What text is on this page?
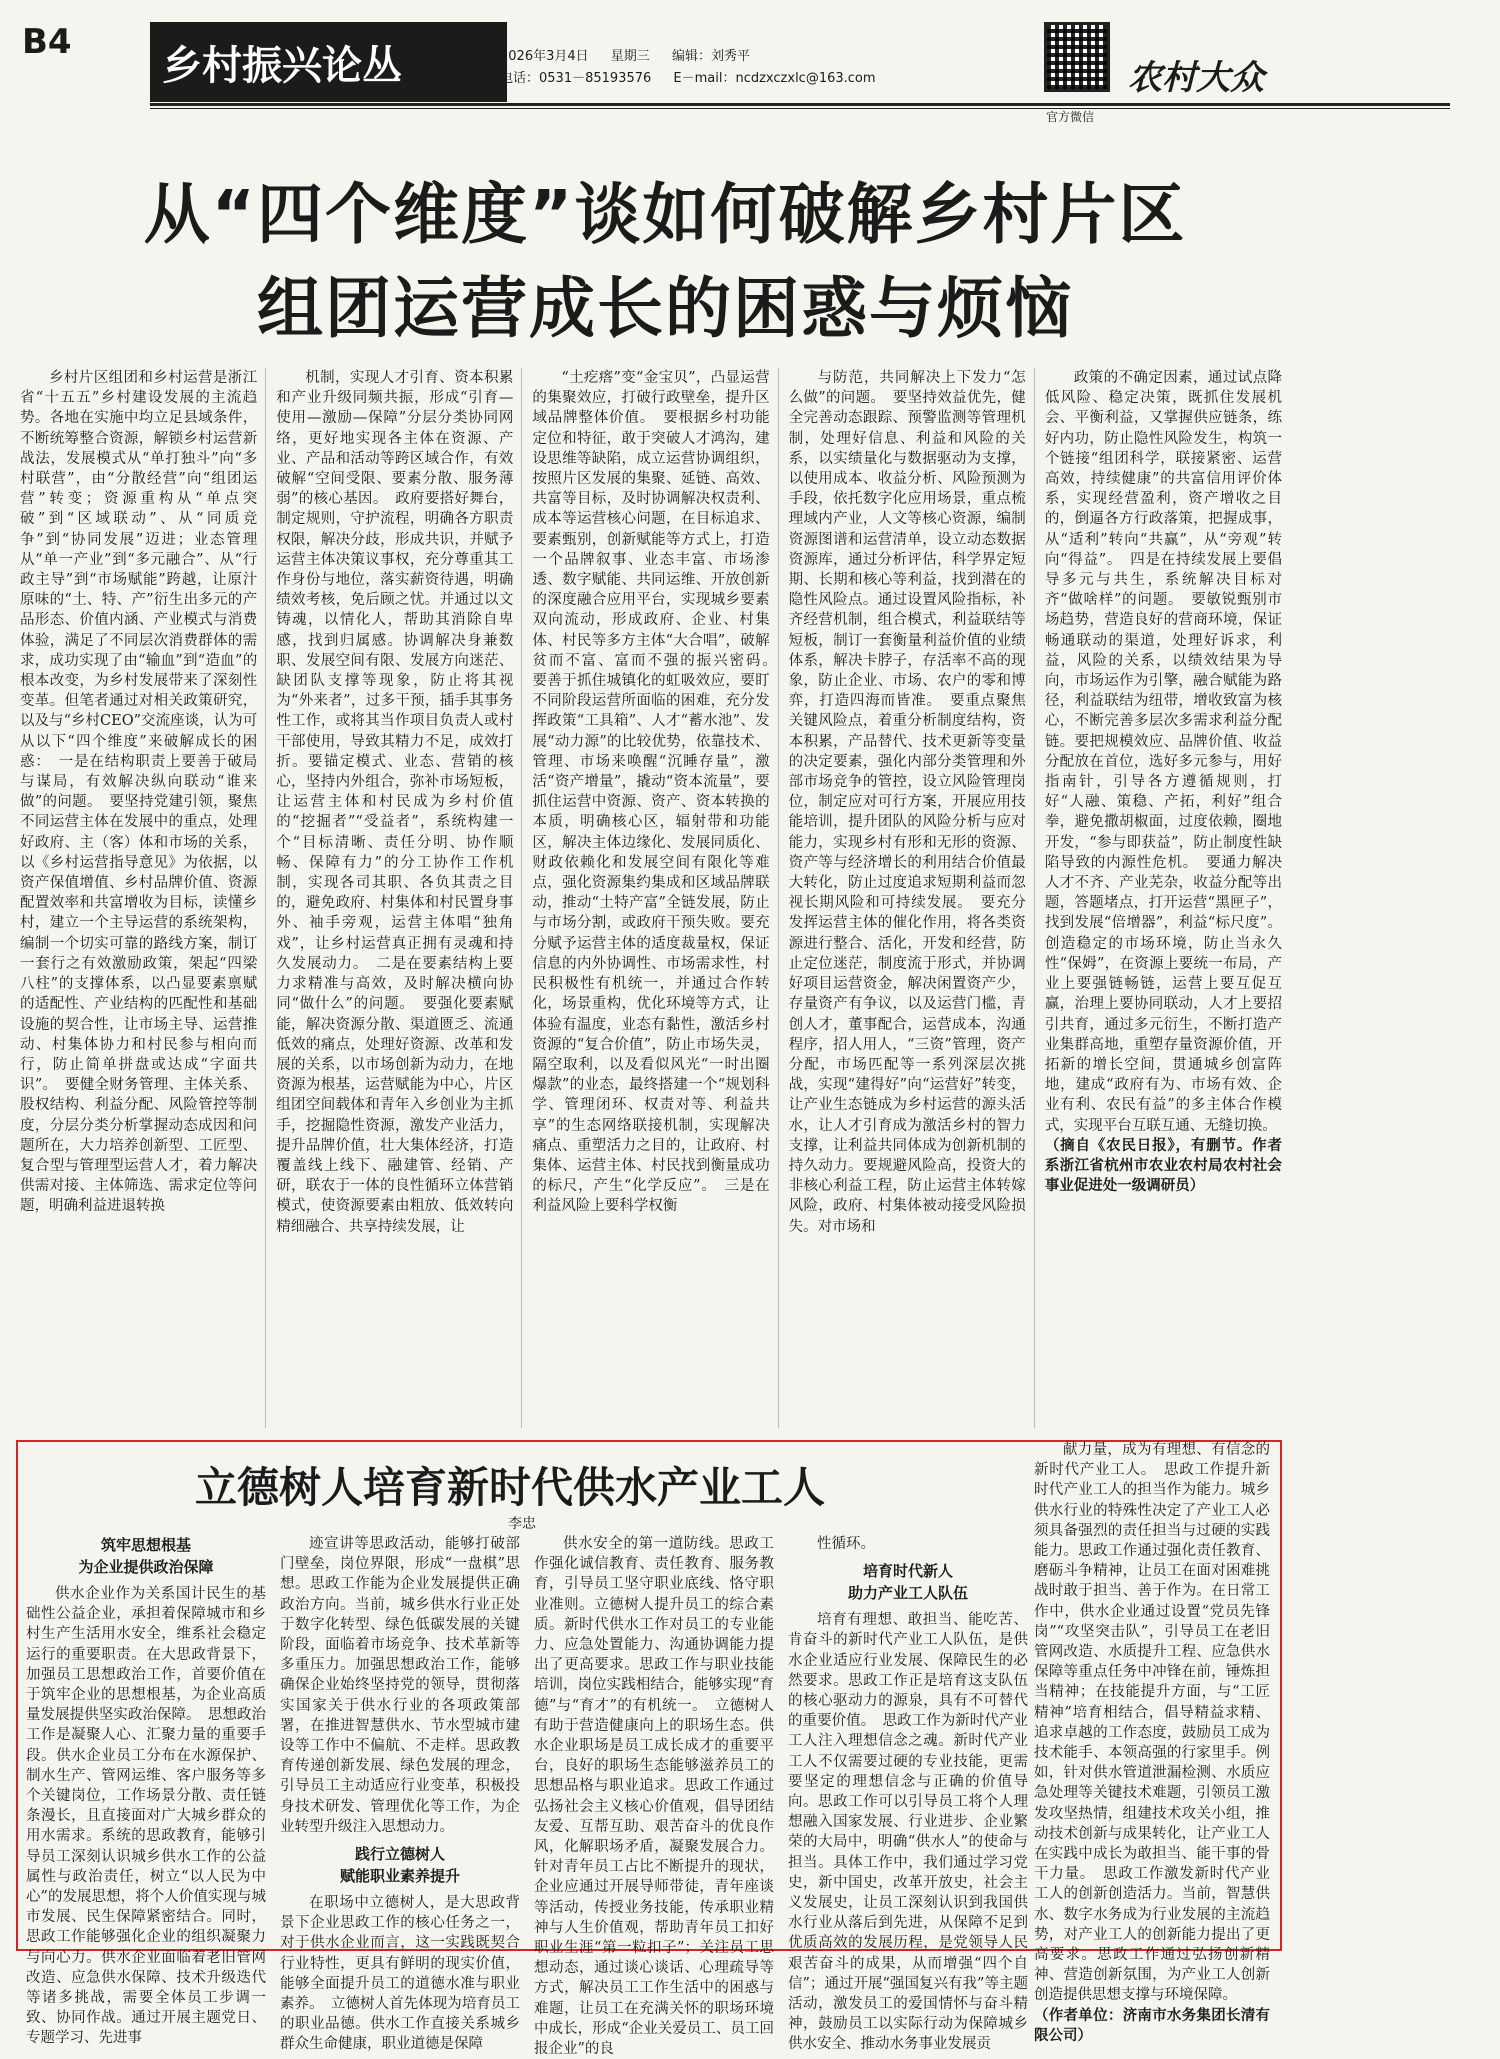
B4
乡村振兴论丛	2026年3月4日 星期三 编辑：刘秀平
电话：0531－85193576 E－mail：ncdzxczxlc@163.com
官方微信
农村大众
从“四个维度”谈如何破解乡村片区
组团运营成长的困惑与烦恼

乡村片区组团和乡村运营是浙江省“十五五”乡村建设发展的主流趋势。各地在实施中均立足县域条件，不断统筹整合资源，解锁乡村运营新战法，发展模式从“单打独斗”向“多村联营”，由“分散经营”向“组团运营”转变；资源重构从“单点突破”到“区域联动”、从“同质竞争”到“协同发展”迈进；业态管理从“单一产业”到“多元融合”、从“行政主导”到“市场赋能”跨越，让原汁原味的“土、特、产”衍生出多元的产品形态、价值内涵、产业模式与消费体验，满足了不同层次消费群体的需求，成功实现了由“输血”到“造血”的根本改变，为乡村发展带来了深刻性变革。但笔者通过对相关政策研究，以及与“乡村CEO”交流座谈，认为可从以下“四个维度”来破解成长的困惑：　一是在结构职责上要善于破局与谋局，有效解决纵向联动“谁来做”的问题。　要坚持党建引领，聚焦不同运营主体在发展中的重点，处理好政府、主（客）体和市场的关系，以《乡村运营指导意见》为依据，以资产保值增值、乡村品牌价值、资源配置效率和共富增收为目标，读懂乡村，建立一个主导运营的系统架构，编制一个切实可靠的路线方案，制订一套行之有效激励政策，架起“四梁八柱”的支撑体系，以凸显要素禀赋的适配性、产业结构的匹配性和基础设施的契合性，让市场主导、运营推动、村集体协力和村民参与相向而行，防止简单拼盘或达成“字面共识”。　要健全财务管理、主体关系、股权结构、利益分配、风险管控等制度，分层分类分析掌握动态成因和问题所在，大力培养创新型、工匠型、复合型与管理型运营人才，着力解决供需对接、主体筛选、需求定位等问题，明确利益进退转换

机制，实现人才引育、资本积累和产业升级同频共振，形成“引育—使用—激励—保障”分层分类协同网络，更好地实现各主体在资源、产业、产品和活动等跨区域合作，有效破解“空间受限、要素分散、服务薄弱”的核心基因。　政府要搭好舞台，制定规则，守护流程，明确各方职责权限，解决分歧，形成共识，并赋予运营主体决策议事权，充分尊重其工作身份与地位，落实薪资待遇，明确绩效考核，免后顾之忧。并通过以文铸魂，以情化人，帮助其消除自卑感，找到归属感。协调解决身兼数职、发展空间有限、发展方向迷茫、缺团队支撑等现象，防止将其视为“外来者”，过多干预，插手其事务性工作，或将其当作项目负责人或村干部使用，导致其精力不足，成效打折。要锚定模式、业态、营销的核心，坚持内外组合，弥补市场短板，让运营主体和村民成为乡村价值的“挖掘者”“受益者”，系统构建一个“目标清晰、责任分明、协作顺畅、保障有力”的分工协作工作机制，实现各司其职、各负其责之目的，避免政府、村集体和村民置身事外、袖手旁观，运营主体唱“独角戏”，让乡村运营真正拥有灵魂和持久发展动力。　二是在要素结构上要力求精准与高效，及时解决横向协同“做什么”的问题。　要强化要素赋能，解决资源分散、渠道匮乏、流通低效的痛点，处理好资源、改革和发展的关系，以市场创新为动力，在地资源为根基，运营赋能为中心，片区组团空间载体和青年入乡创业为主抓手，挖掘隐性资源，激发产业活力，提升品牌价值，壮大集体经济，打造覆盖线上线下、融建管、经销、产研，联农于一体的良性循环立体营销模式，使资源要素由粗放、低效转向精细融合、共享持续发展，让

“土疙瘩”变“金宝贝”，凸显运营的集聚效应，打破行政壁垒，提升区域品牌整体价值。　要根据乡村功能定位和特征，敢于突破人才鸿沟，建设思维等缺陷，成立运营协调组织，按照片区发展的集聚、延链、高效、共富等目标，及时协调解决权责利、成本等运营核心问题，在目标追求、要素甄别，创新赋能等方式上，打造一个品牌叙事、业态丰富、市场渗透、数字赋能、共同运维、开放创新的深度融合应用平台，实现城乡要素双向流动，形成政府、企业、村集体、村民等多方主体“大合唱”，破解贫而不富、富而不强的振兴密码。　要善于抓住城镇化的虹吸效应，要盯不同阶段运营所面临的困难，充分发挥政策“工具箱”、人才“蓄水池”、发展“动力源”的比较优势，依靠技术、管理、市场来唤醒“沉睡存量”，激活“资产增量”，撬动“资本流量”，要抓住运营中资源、资产、资本转换的本质，明确核心区，辐射带和功能区，解决主体边缘化、发展同质化、财政依赖化和发展空间有限化等难点，强化资源集约集成和区域品牌联动，推动“土特产富”全链发展，防止与市场分割，或政府干预失败。要充分赋予运营主体的适度裁量权，保证信息的内外协调性、市场需求性，村民积极性有机统一，并通过合作转化，场景重构，优化环境等方式，让体验有温度，业态有黏性，激活乡村资源的“复合价值”，防止市场失灵，隔空取利，以及看似风光“一时出圈爆款”的业态，最终搭建一个“规划科学、管理闭环、权责对等、利益共享”的生态网络联接机制，实现解决痛点、重塑活力之目的，让政府、村集体、运营主体、村民找到衡量成功的标尺，产生“化学反应”。　三是在利益风险上要科学权衡

与防范，共同解决上下发力“怎么做”的问题。　要坚持效益优先，健全完善动态跟踪、预警监测等管理机制，处理好信息、利益和风险的关系，以实绩量化与数据驱动为支撑，以使用成本、收益分析、风险预测为手段，依托数字化应用场景，重点梳理域内产业，人文等核心资源，编制资源图谱和运营清单，设立动态数据资源库，通过分析评估，科学界定短期、长期和核心等利益，找到潜在的隐性风险点。通过设置风险指标，补齐经营机制，组合模式，利益联结等短板，制订一套衡量利益价值的业绩体系，解决卡脖子，存活率不高的现象，防止企业、市场、农户的零和博弈，打造四海而皆准。　要重点聚焦关键风险点，着重分析制度结构，资本积累，产品替代、技术更新等变量的决定要素，强化内部分类管理和外部市场竞争的管控，设立风险管理岗位，制定应对可行方案，开展应用技能培训，提升团队的风险分析与应对能力，实现乡村有形和无形的资源、资产等与经济增长的利用结合价值最大转化，防止过度追求短期利益而忽视长期风险和可持续发展。　要充分发挥运营主体的催化作用，将各类资源进行整合、活化，开发和经营，防止定位迷茫，制度流于形式，并协调好项目运营资金，解决闲置资产少，存量资产有争议，以及运营门槛，青创人才，董事配合，运营成本，沟通程序，招人用人，“三资”管理，资产分配，市场匹配等一系列深层次挑战，实现“建得好”向“运营好”转变，让产业生态链成为乡村运营的源头活水，让人才引育成为激活乡村的智力支撑，让利益共同体成为创新机制的持久动力。要规避风险高，投资大的非核心利益工程，防止运营主体转嫁风险，政府、村集体被动接受风险损失。对市场和

政策的不确定因素，通过试点降低风险、稳定决策，既抓住发展机会、平衡利益，又掌握供应链条，练好内功，防止隐性风险发生，构筑一个链接“组团科学，联接紧密、运营高效，持续健康”的共富信用评价体系，实现经营盈利，资产增收之目的，倒逼各方行政落策，把握成事，从“适利”转向“共赢”，从“旁观”转向“得益”。　四是在持续发展上要倡导多元与共生，系统解决目标对齐“做啥样”的问题。　要敏锐甄别市场趋势，营造良好的营商环境，保证畅通联动的渠道，处理好诉求，利益，风险的关系，以绩效结果为导向，市场运作为引擎，融合赋能为路径，利益联结为纽带，增收致富为核心，不断完善多层次多需求利益分配链。要把规模效应、品牌价值、收益分配放在首位，选好多元参与，用好指南针，引导各方遵循规则，打好“人融、策稳、产拓，利好”组合拳，避免撒胡椒面，过度依赖，圈地开发，“参与即获益”，防止制度性缺陷导致的内源性危机。　要通力解决人才不齐、产业芜杂，收益分配等出题，答题堵点，打开运营“黑匣子”，找到发展“倍增器”，利益“标尺度”。创造稳定的市场环境，防止当永久性“保姆”，在资源上要统一布局，产业上要强链畅链，运营上要互促互赢，治理上要协同联动，人才上要招引共育，通过多元衍生，不断打造产业集群高地，重塑存量资源价值，开拓新的增长空间，贯通城乡创富阵地，建成“政府有为、市场有效、企业有利、农民有益”的多主体合作模式，实现平台互联互通、无缝切换。

（摘自《农民日报》，有删节。作者系浙江省杭州市农业农村局农村社会事业促进处一级调研员）

立德树人培育新时代供水产业工人
李忠
筑牢思想根基
为企业提供政治保障

供水企业作为关系国计民生的基础性公益企业，承担着保障城市和乡村生产生活用水安全，维系社会稳定运行的重要职责。在大思政背景下，加强员工思想政治工作，首要价值在于筑牢企业的思想根基，为企业高质量发展提供坚实政治保障。　思想政治工作是凝聚人心、汇聚力量的重要手段。供水企业员工分布在水源保护、制水生产、管网运维、客户服务等多个关键岗位，工作场景分散、责任链条漫长，且直接面对广大城乡群众的用水需求。系统的思政教育，能够引导员工深刻认识城乡供水工作的公益属性与政治责任，树立“以人民为中心”的发展思想，将个人价值实现与城市发展、民生保障紧密结合。同时，思政工作能够强化企业的组织凝聚力与向心力。供水企业面临着老旧管网改造、应急供水保障、技术升级迭代等诸多挑战，需要全体员工步调一致、协同作战。通过开展主题党日、专题学习、先进事

迹宣讲等思政活动，能够打破部门壁垒，岗位界限，形成“一盘棋”思想。思政工作能为企业发展提供正确政治方向。当前，城乡供水行业正处于数字化转型、绿色低碳发展的关键阶段，面临着市场竞争、技术革新等多重压力。加强思想政治工作，能够确保企业始终坚持党的领导，贯彻落实国家关于供水行业的各项政策部署，在推进智慧供水、节水型城市建设等工作中不偏航、不走样。思政教育传递创新发展、绿色发展的理念，引导员工主动适应行业变革，积极投身技术研发、管理优化等工作，为企业转型升级注入思想动力。

践行立德树人
赋能职业素养提升

在职场中立德树人，是大思政背景下企业思政工作的核心任务之一，对于供水企业而言，这一实践既契合行业特性，更具有鲜明的现实价值，能够全面提升员工的道德水准与职业素养。　立德树人首先体现为培育员工的职业品德。供水工作直接关系城乡群众生命健康，职业道德是保障

供水安全的第一道防线。思政工作强化诚信教育、责任教育、服务教育，引导员工坚守职业底线、恪守职业准则。立德树人提升员工的综合素质。新时代供水工作对员工的专业能力、应急处置能力、沟通协调能力提出了更高要求。思政工作与职业技能培训，岗位实践相结合，能够实现“育德”与“育才”的有机统一。　立德树人有助于营造健康向上的职场生态。供水企业职场是员工成长成才的重要平台，良好的职场生态能够滋养员工的思想品格与职业追求。思政工作通过弘扬社会主义核心价值观，倡导团结友爱、互帮互助、艰苦奋斗的优良作风，化解职场矛盾，凝聚发展合力。针对青年员工占比不断提升的现状，企业应通过开展导师带徒，青年座谈等活动，传授业务技能，传承职业精神与人生价值观，帮助青年员工扣好职业生涯“第一粒扣子”；关注员工思想动态，通过谈心谈话、心理疏导等方式，解决员工工作生活中的困惑与难题，让员工在充满关怀的职场环境中成长，形成“企业关爱员工、员工回报企业”的良

性循环。

培育时代新人
助力产业工人队伍

培育有理想、敢担当、能吃苦、肯奋斗的新时代产业工人队伍，是供水企业适应行业发展、保障民生的必然要求。思政工作正是培育这支队伍的核心驱动力的源泉，具有不可替代的重要价值。　思政工作为新时代产业工人注入理想信念之魂。新时代产业工人不仅需要过硬的专业技能，更需要坚定的理想信念与正确的价值导向。思政工作可以引导员工将个人理想融入国家发展、行业进步、企业繁荣的大局中，明确“供水人”的使命与担当。具体工作中，我们通过学习党史，新中国史，改革开放史，社会主义发展史，让员工深刻认识到我国供水行业从落后到先进，从保障不足到优质高效的发展历程，是党领导人民艰苦奋斗的成果，从而增强“四个自信”；通过开展“强国复兴有我”等主题活动，激发员工的爱国情怀与奋斗精神，鼓励员工以实际行动为保障城乡供水安全、推动水务事业发展贡

献力量，成为有理想、有信念的新时代产业工人。　思政工作提升新时代产业工人的担当作为能力。城乡供水行业的特殊性决定了产业工人必须具备强烈的责任担当与过硬的实践能力。思政工作通过强化责任教育、磨砺斗争精神，让员工在面对困难挑战时敢于担当、善于作为。在日常工作中，供水企业通过设置“党员先锋岗”“攻坚突击队”，引导员工在老旧管网改造、水质提升工程、应急供水保障等重点任务中冲锋在前，锤炼担当精神；在技能提升方面，与“工匠精神”培育相结合，倡导精益求精、追求卓越的工作态度，鼓励员工成为技术能手、本领高强的行家里手。例如，针对供水管道泄漏检测、水质应急处理等关键技术难题，引领员工激发攻坚热情，组建技术攻关小组，推动技术创新与成果转化，让产业工人在实践中成长为敢担当、能干事的骨干力量。　思政工作激发新时代产业工人的创新创造活力。当前，智慧供水、数字水务成为行业发展的主流趋势，对产业工人的创新能力提出了更高要求。思政工作通过弘扬创新精神、营造创新氛围，为产业工人创新创造提供思想支撑与环境保障。

（作者单位：济南市水务集团长清有限公司）
